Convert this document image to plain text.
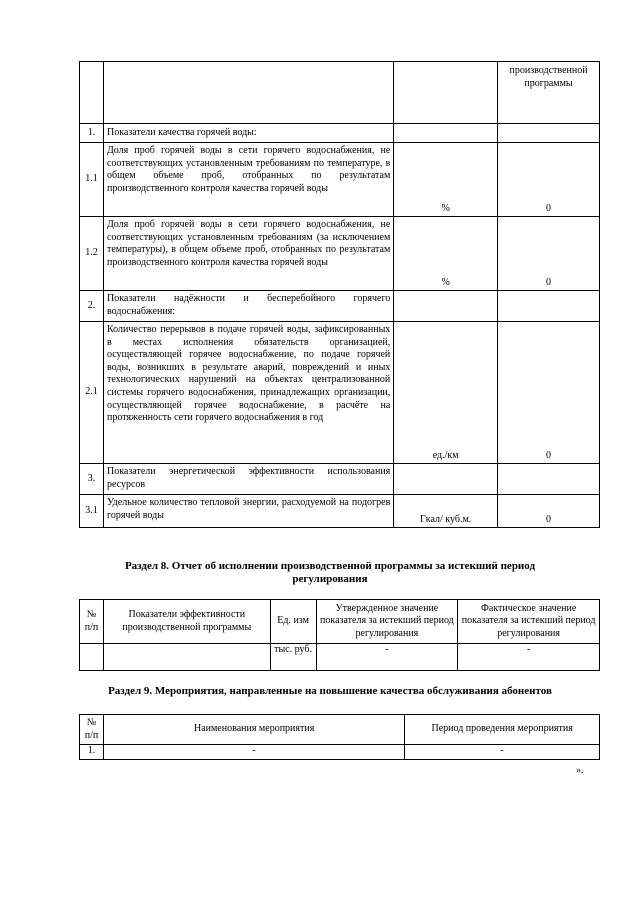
			производственной программы
1.	Показатели качества горячей воды:		
1.1	Доля проб горячей воды в сети горячего водоснабжения, не соответствующих установленным требованиям по температуре, в общем объеме проб, отобранных по результатам производственного контроля качества горячей воды	%	0
1.2	Доля проб горячей воды в сети горячего водоснабжения, не соответствующих установленным требованиям (за исключением температуры), в общем объеме проб, отобранных по результатам производственного контроля качества горячей воды	%	0
2.	Показатели надёжности и бесперебойного горячего водоснабжения:		
2.1	Количество перерывов в подаче горячей воды, зафиксированных в местах исполнения обязательств организацией, осуществляющей горячее водоснабжение, по подаче горячей воды, возникших в результате аварий, повреждений и иных технологических нарушений на объектах централизованной системы горячего водоснабжения, принадлежащих организации, осуществляющей горячее водоснабжение, в расчёте на протяженность сети горячего водоснабжения в год	ед./км	0
3.	Показатели энергетической эффективности использования ресурсов		
3.1	Удельное количество тепловой энергии, расходуемой на подогрев горячей воды	Гкал/ куб.м.	0
Раздел 8. Отчет об исполнении производственной программы за истекший период регулирования
№ п/п	Показатели эффективности производственной программы	Ед. изм	Утвержденное значение показателя за истекший период регулирования	Фактическое значение показателя за истекший период регулирования
		тыс. руб.	-	-
Раздел 9. Мероприятия, направленные на повышение качества обслуживания абонентов
№ п/п	Наименования мероприятия	Период проведения мероприятия
1.	-	-
».
